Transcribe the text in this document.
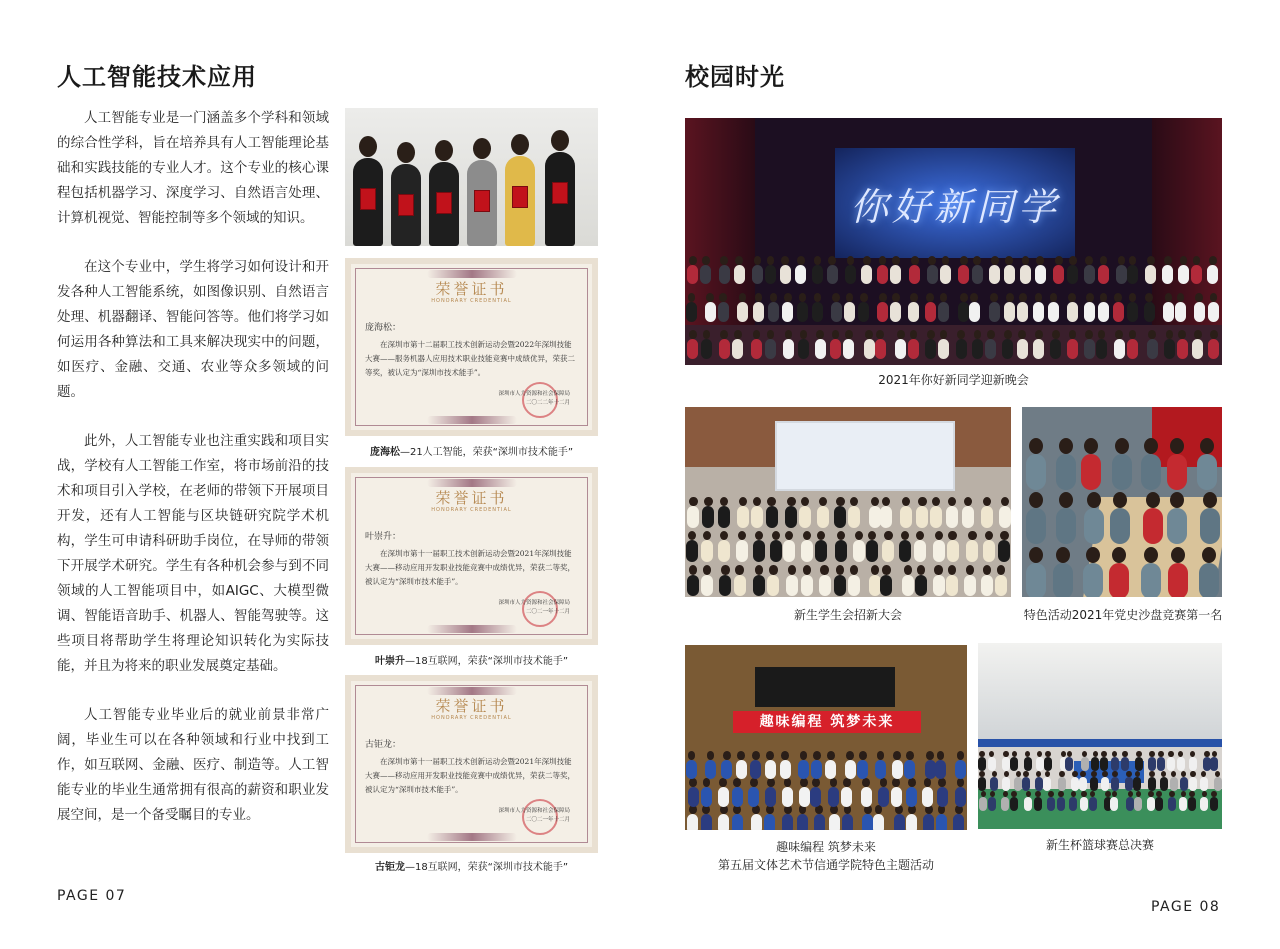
人工智能技术应用

人工智能专业是一门涵盖多个学科和领域的综合性学科，旨在培养具有人工智能理论基础和实践技能的专业人才。这个专业的核心课程包括机器学习、深度学习、自然语言处理、计算机视觉、智能控制等多个领域的知识。

在这个专业中，学生将学习如何设计和开发各种人工智能系统，如图像识别、自然语言处理、机器翻译、智能问答等。他们将学习如何运用各种算法和工具来解决现实中的问题，如医疗、金融、交通、农业等众多领域的问题。

此外，人工智能专业也注重实践和项目实战，学校有人工智能工作室，将市场前沿的技术和项目引入学校，在老师的带领下开展项目开发，还有人工智能与区块链研究院学术机构，学生可申请科研助手岗位，在导师的带领下开展学术研究。学生有各种机会参与到不同领域的人工智能项目中，如AIGC、大模型微调、智能语音助手、机器人、智能驾驶等。这些项目将帮助学生将理论知识转化为实际技能，并且为将来的职业发展奠定基础。

人工智能专业毕业后的就业前景非常广阔，毕业生可以在各种领域和行业中找到工作，如互联网、金融、医疗、制造等。人工智能专业的毕业生通常拥有很高的薪资和职业发展空间，是一个备受瞩目的专业。

荣誉证书
HONORARY CREDENTIAL
庞海松：
在深圳市第十二届职工技术创新运动会暨2022年深圳技能大赛——服务机器人应用技术职业技能竞赛中成绩优异，荣获二等奖，被认定为“深圳市技术能手”。
深圳市人力资源和社会保障局
二〇二二年十二月
庞海松—21人工智能，荣获“深圳市技术能手”
荣誉证书
HONORARY CREDENTIAL
叶崇升：
在深圳市第十一届职工技术创新运动会暨2021年深圳技能大赛——移动应用开发职业技能竞赛中成绩优异，荣获二等奖，被认定为“深圳市技术能手”。
深圳市人力资源和社会保障局
二〇二一年十二月
叶崇升—18互联网，荣获“深圳市技术能手”
荣誉证书
HONORARY CREDENTIAL
古钜龙：
在深圳市第十一届职工技术创新运动会暨2021年深圳技能大赛——移动应用开发职业技能竞赛中成绩优异，荣获二等奖，被认定为“深圳市技术能手”。
深圳市人力资源和社会保障局
二〇二一年十二月
古钜龙—18互联网，荣获“深圳市技术能手”
PAGE 07
校园时光
你好新同学
2021年你好新同学迎新晚会
新生学生会招新大会	特色活动2021年党史沙盘竞赛第一名
趣味编程 筑梦未来
趣味编程 筑梦未来
第五届文体艺术节信通学院特色主题活动
新生杯篮球赛总决赛
PAGE 08
